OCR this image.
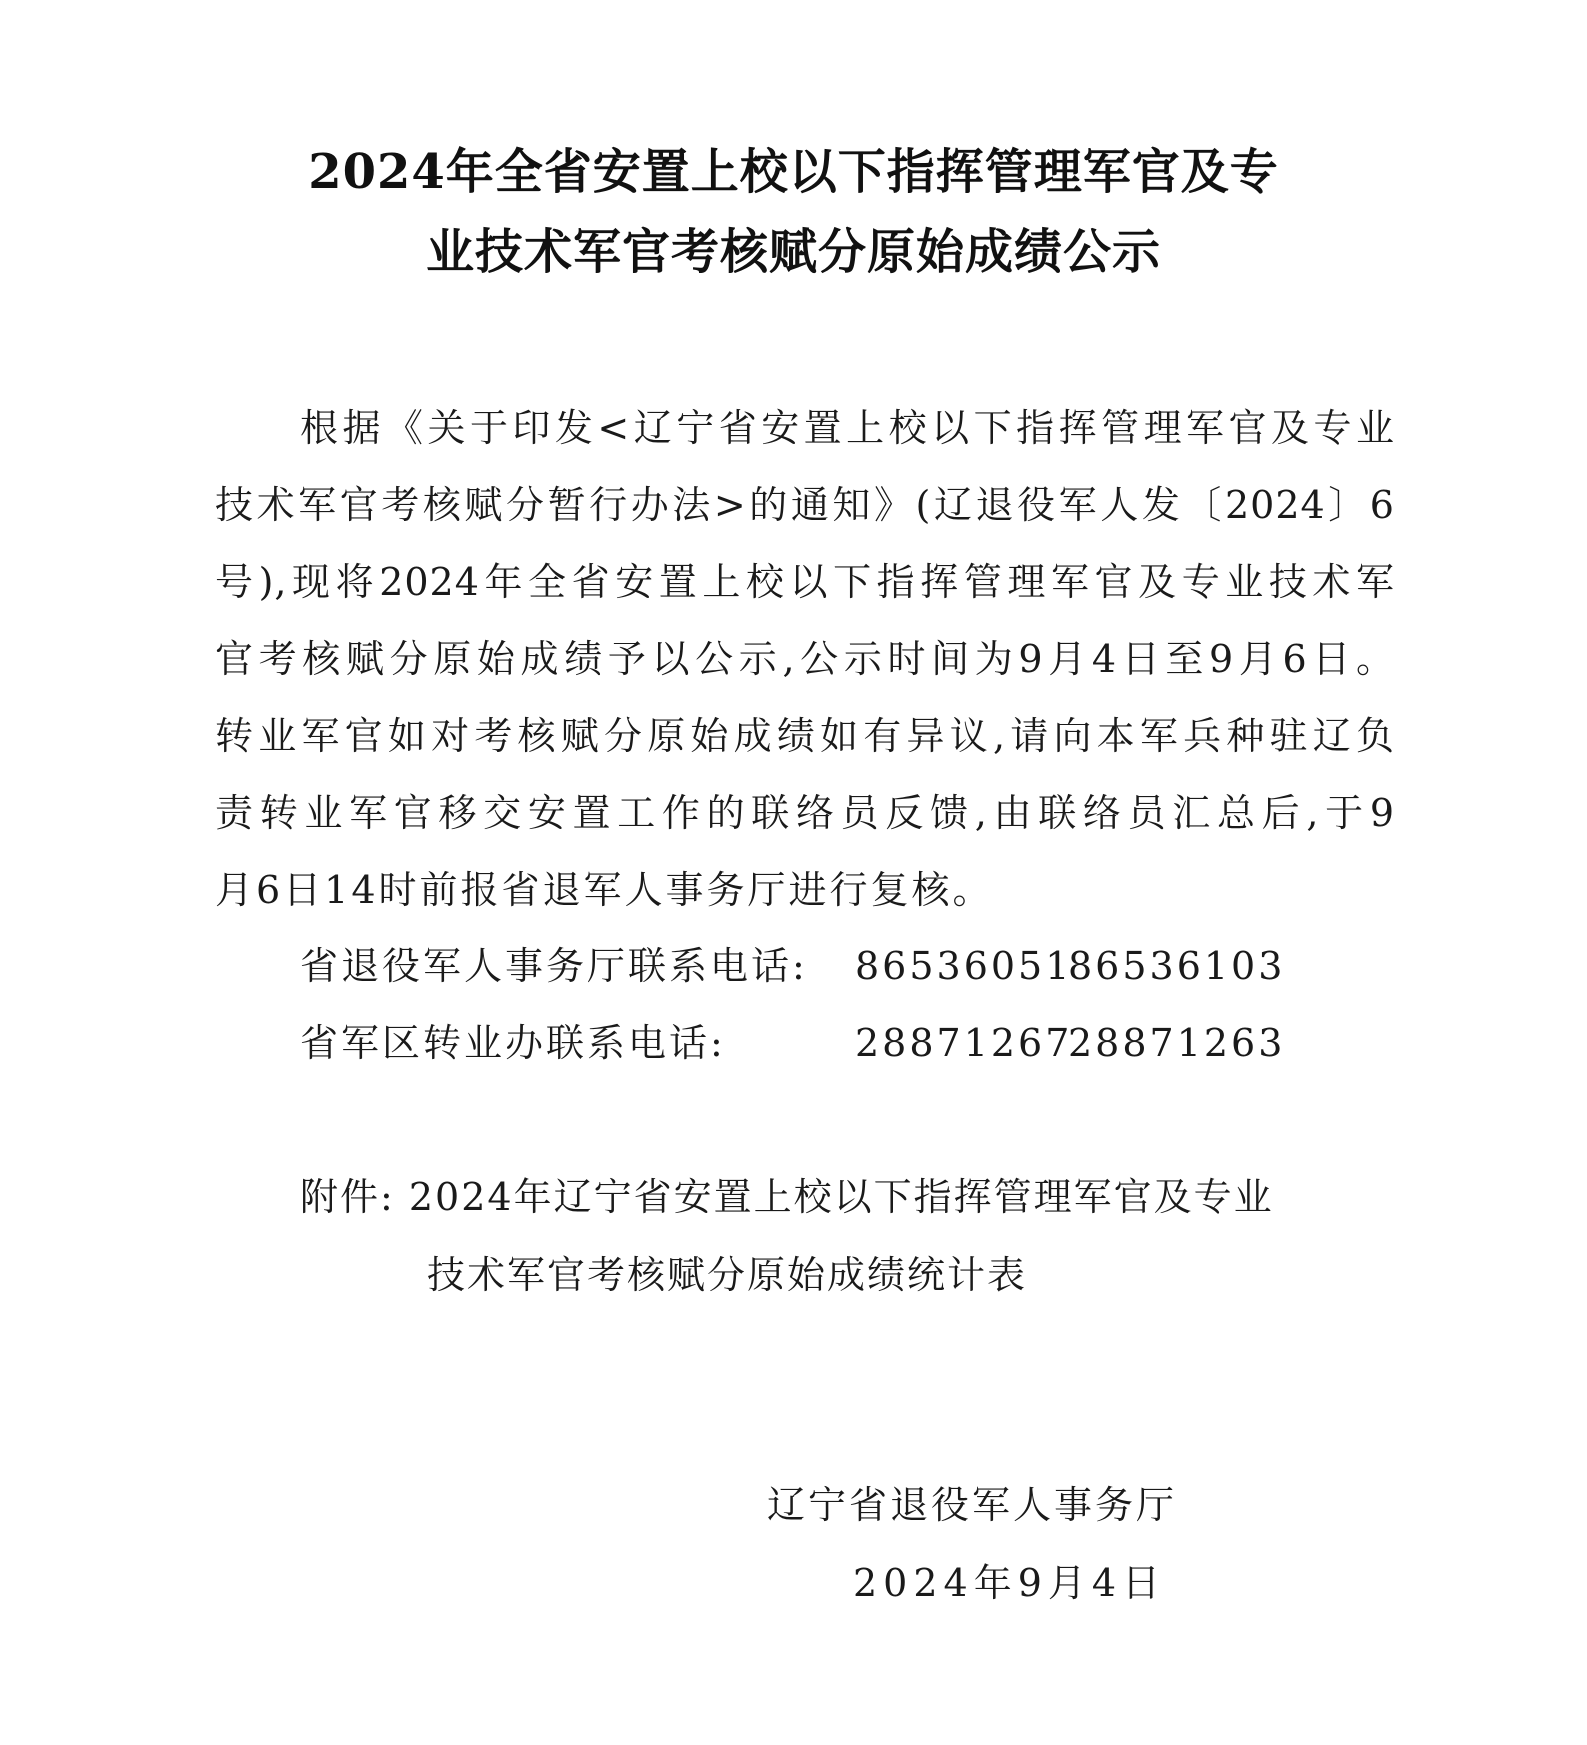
2024年全省安置上校以下指挥管理军官及专
业技术军官考核赋分原始成绩公示
根据《关于印发<辽宁省安置上校以下指挥管理军官及专业
技术军官考核赋分暂行办法>的通知》(辽退役军人发〔2024〕6
号),现将2024年全省安置上校以下指挥管理军官及专业技术军
官考核赋分原始成绩予以公示,公示时间为9月4日至9月6日。
转业军官如对考核赋分原始成绩如有异议,请向本军兵种驻辽负
责转业军官移交安置工作的联络员反馈,由联络员汇总后,于9
月6日14时前报省退军人事务厅进行复核。
省退役军人事务厅联系电话: 86536051
86536103
省军区转业办联系电话:	28871267
28871263
附件: 2024年辽宁省安置上校以下指挥管理军官及专业
技术军官考核赋分原始成绩统计表
辽宁省退役军人事务厅
2024年9月4日
